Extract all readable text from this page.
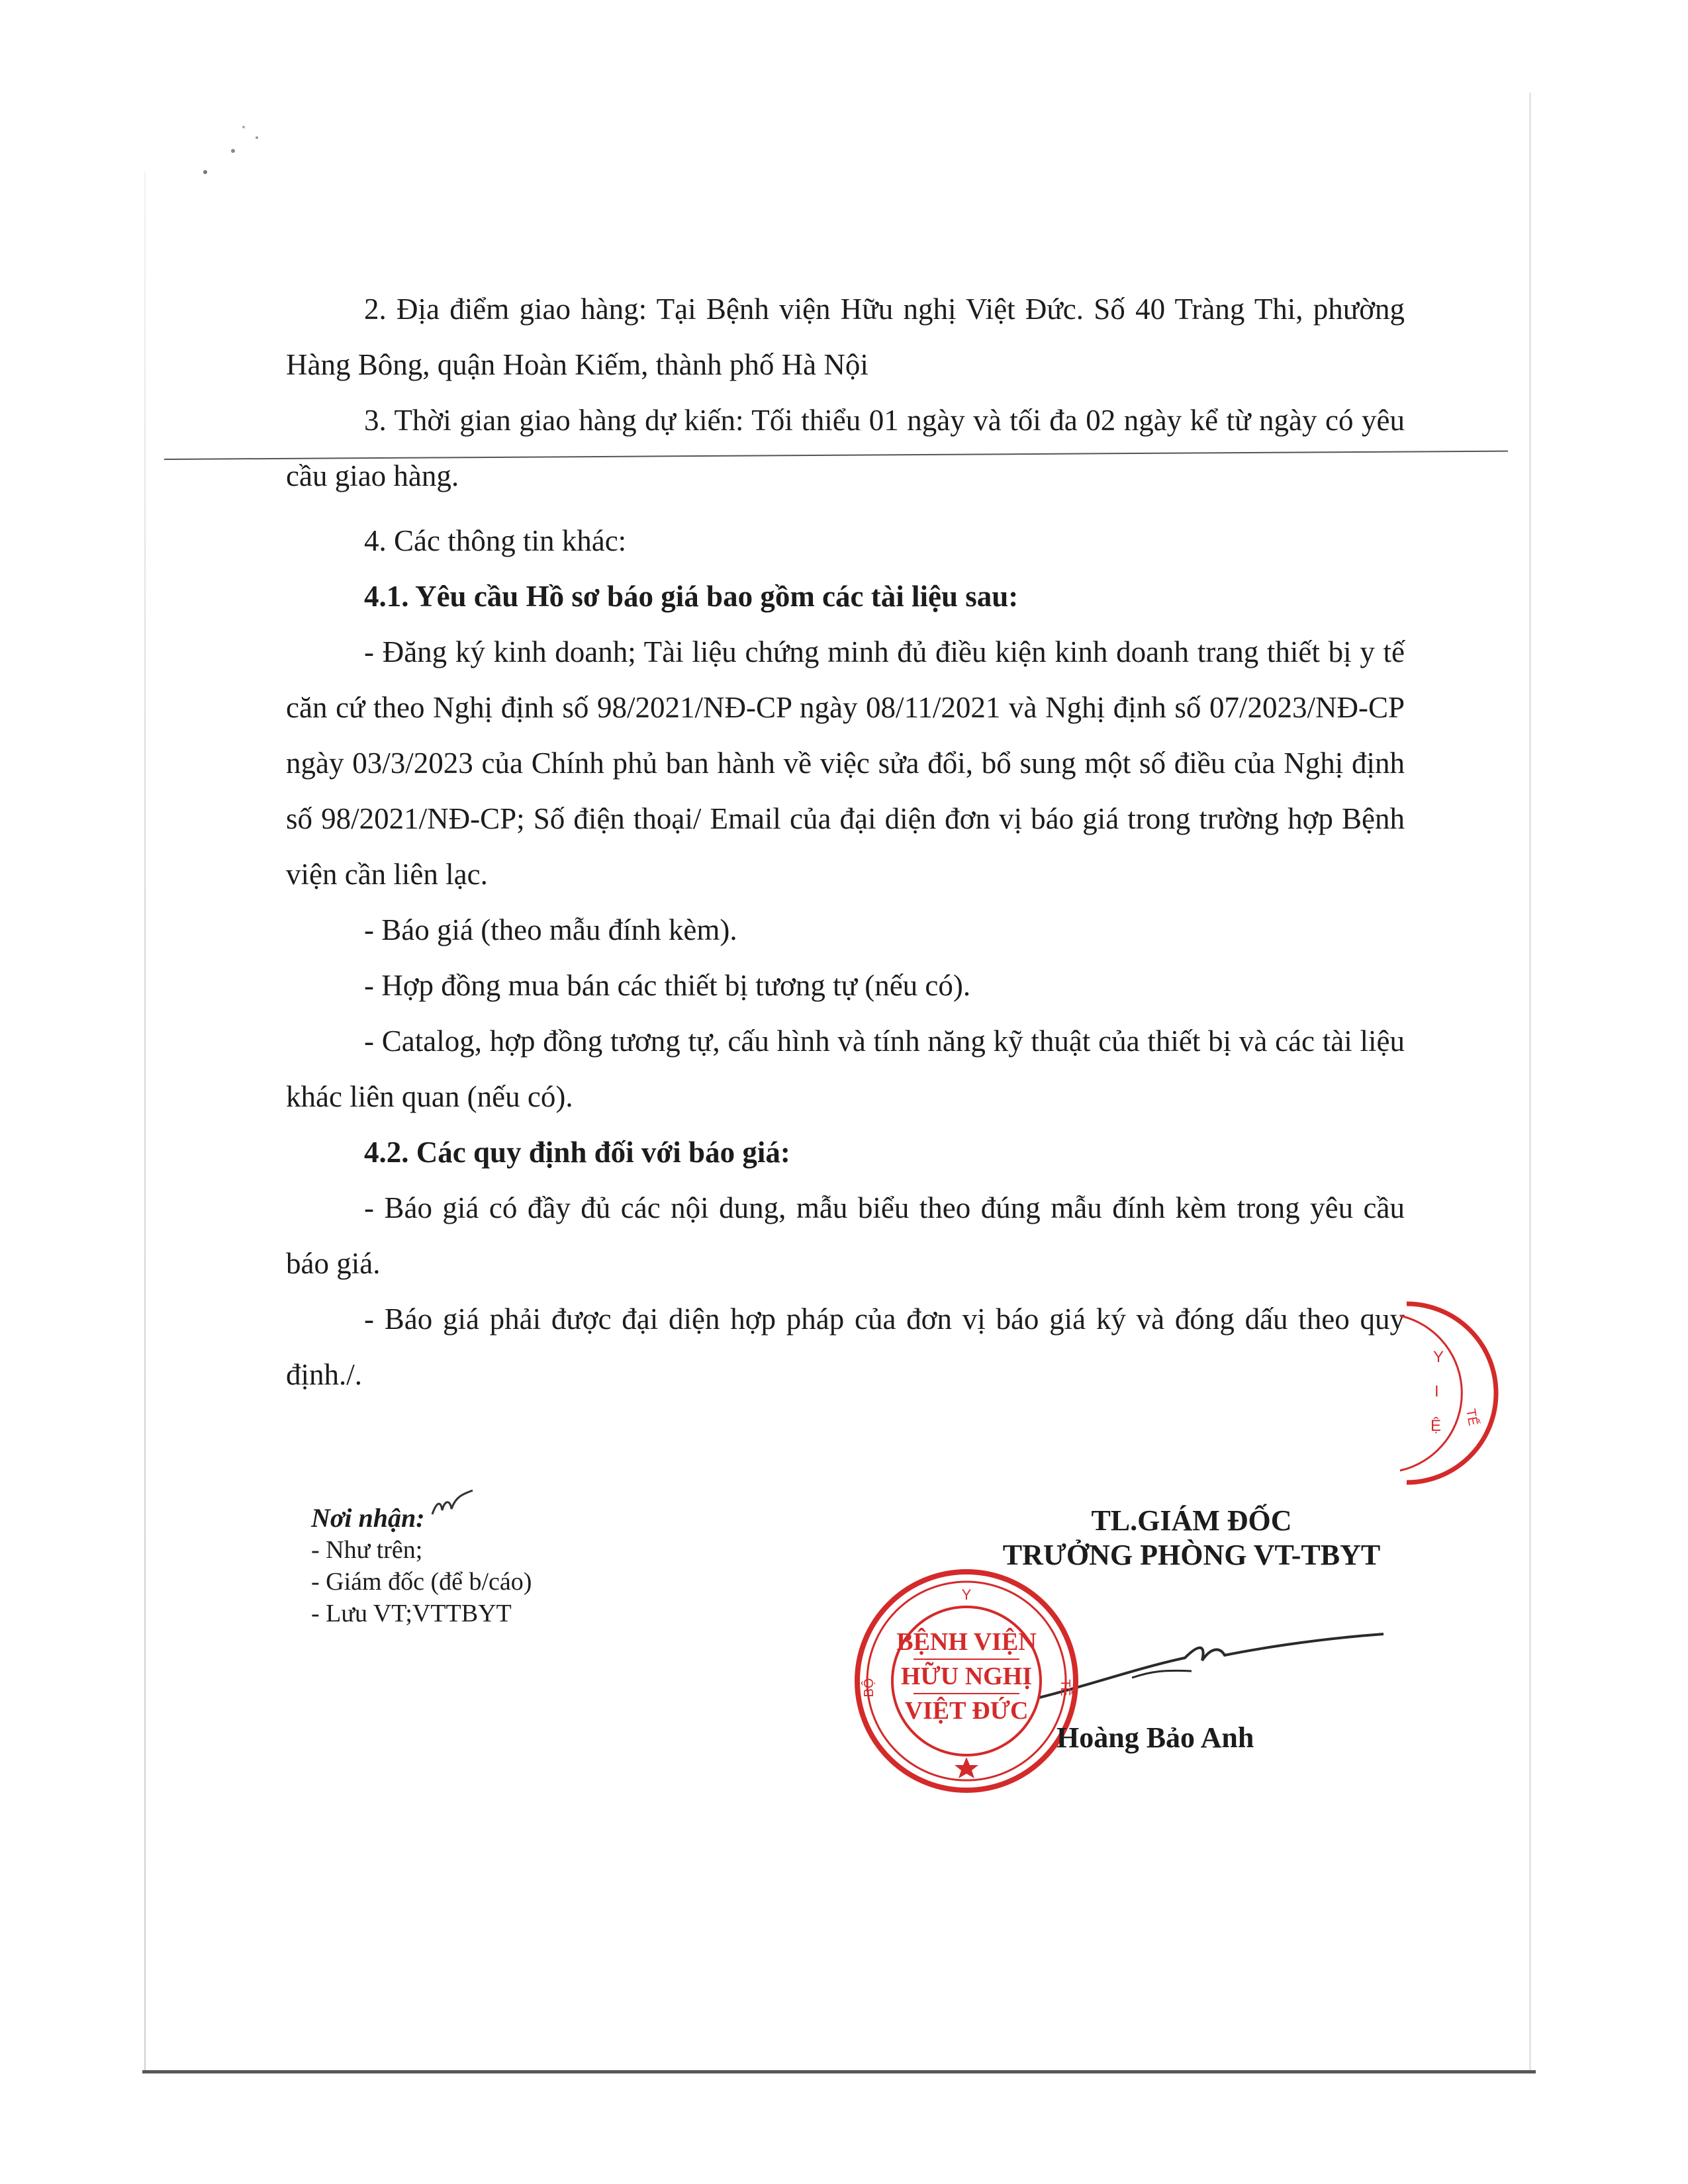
2. Địa điểm giao hàng: Tại Bệnh viện Hữu nghị Việt Đức. Số 40 Tràng Thi, phường Hàng Bông, quận Hoàn Kiếm, thành phố Hà Nội

3. Thời gian giao hàng dự kiến: Tối thiểu 01 ngày và tối đa 02 ngày kể từ ngày có yêu cầu giao hàng.

4. Các thông tin khác:

4.1. Yêu cầu Hồ sơ báo giá bao gồm các tài liệu sau:

- Đăng ký kinh doanh; Tài liệu chứng minh đủ điều kiện kinh doanh trang thiết bị y tế căn cứ theo Nghị định số 98/2021/NĐ-CP ngày 08/11/2021 và Nghị định số 07/2023/NĐ-CP ngày 03/3/2023 của Chính phủ ban hành về việc sửa đổi, bổ sung một số điều của Nghị định số 98/2021/NĐ-CP; Số điện thoại/ Email của đại diện đơn vị báo giá trong trường hợp Bệnh viện cần liên lạc.

- Báo giá (theo mẫu đính kèm).

- Hợp đồng mua bán các thiết bị tương tự (nếu có).

- Catalog, hợp đồng tương tự, cấu hình và tính năng kỹ thuật của thiết bị và các tài liệu khác liên quan (nếu có).

4.2. Các quy định đối với báo giá:

- Báo giá có đầy đủ các nội dung, mẫu biểu theo đúng mẫu đính kèm trong yêu cầu báo giá.

- Báo giá phải được đại diện hợp pháp của đơn vị báo giá ký và đóng dấu theo quy định./.

Nơi nhận:
- Như trên;
- Giám đốc (để b/cáo)
- Lưu VT;VTTBYT
TL.GIÁM ĐỐC
TRƯỞNG PHÒNG VT-TBYT
Y
BỘ	TẾ
BỆNH VIỆN
HỮU NGHỊ
VIỆT ĐỨC
Y
I
Ệ TẾ
Hoàng Bảo Anh
